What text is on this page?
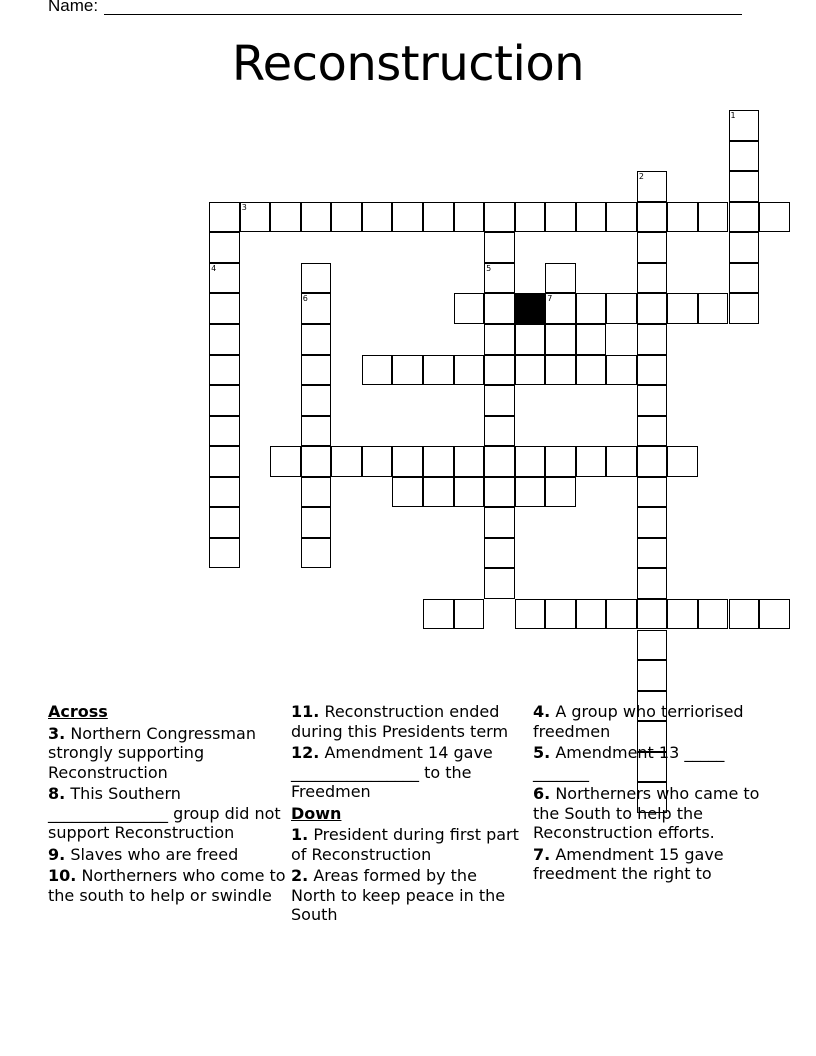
Name:
Reconstruction
1
2
3
4
6
5
7
Across
3. Northern Congressman strongly supporting Reconstruction
8. This Southern _______________ group did not support Reconstruction
9. Slaves who are freed
10. Northerners who come to the south to help or swindle
11. Reconstruction ended during this Presidents term
12. Amendment 14 gave ________________ to the Freedmen
Down
1. President during first part of Reconstruction
2. Areas formed by the North to keep peace in the South
4. A group who terriorised freedmen
5. Amendment 13 _____ _______
6. Northerners who came to the South to help the Reconstruction efforts.
7. Amendment 15 gave freedment the right to
